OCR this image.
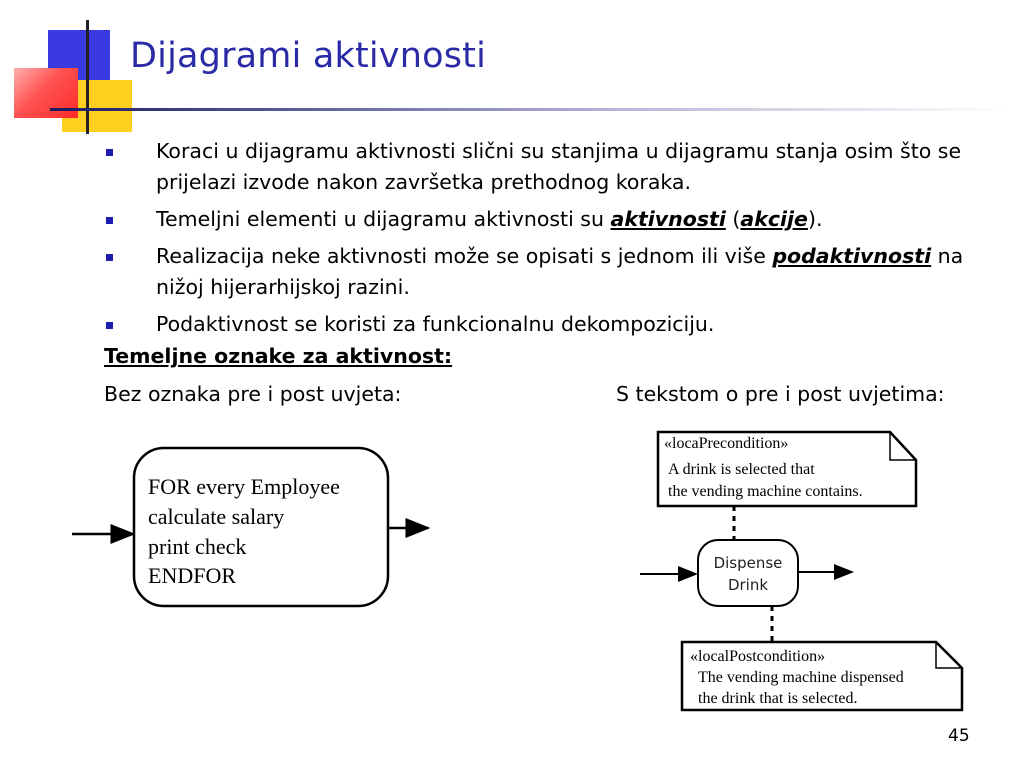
Dijagrami aktivnosti
Koraci u dijagramu aktivnosti slični su stanjima u dijagramu stanja osim što se prijelazi izvode nakon završetka prethodnog koraka.
Temeljni elementi u dijagramu aktivnosti su aktivnosti (akcije).
Realizacija neke aktivnosti može se opisati s jednom ili više podaktivnosti na nižoj hijerarhijskoj razini.
Podaktivnost se koristi za funkcionalnu dekompoziciju.
Temeljne oznake za aktivnost:
Bez oznaka pre i post uvjeta:	S tekstom o pre i post uvjetima:
FOR every Employee
calculate salary
print check
ENDFOR
«locaPrecondition»
A drink is selected that
the vending machine contains.
Dispense
Drink
«localPostcondition»
The vending machine dispensed
the drink that is selected.
45
